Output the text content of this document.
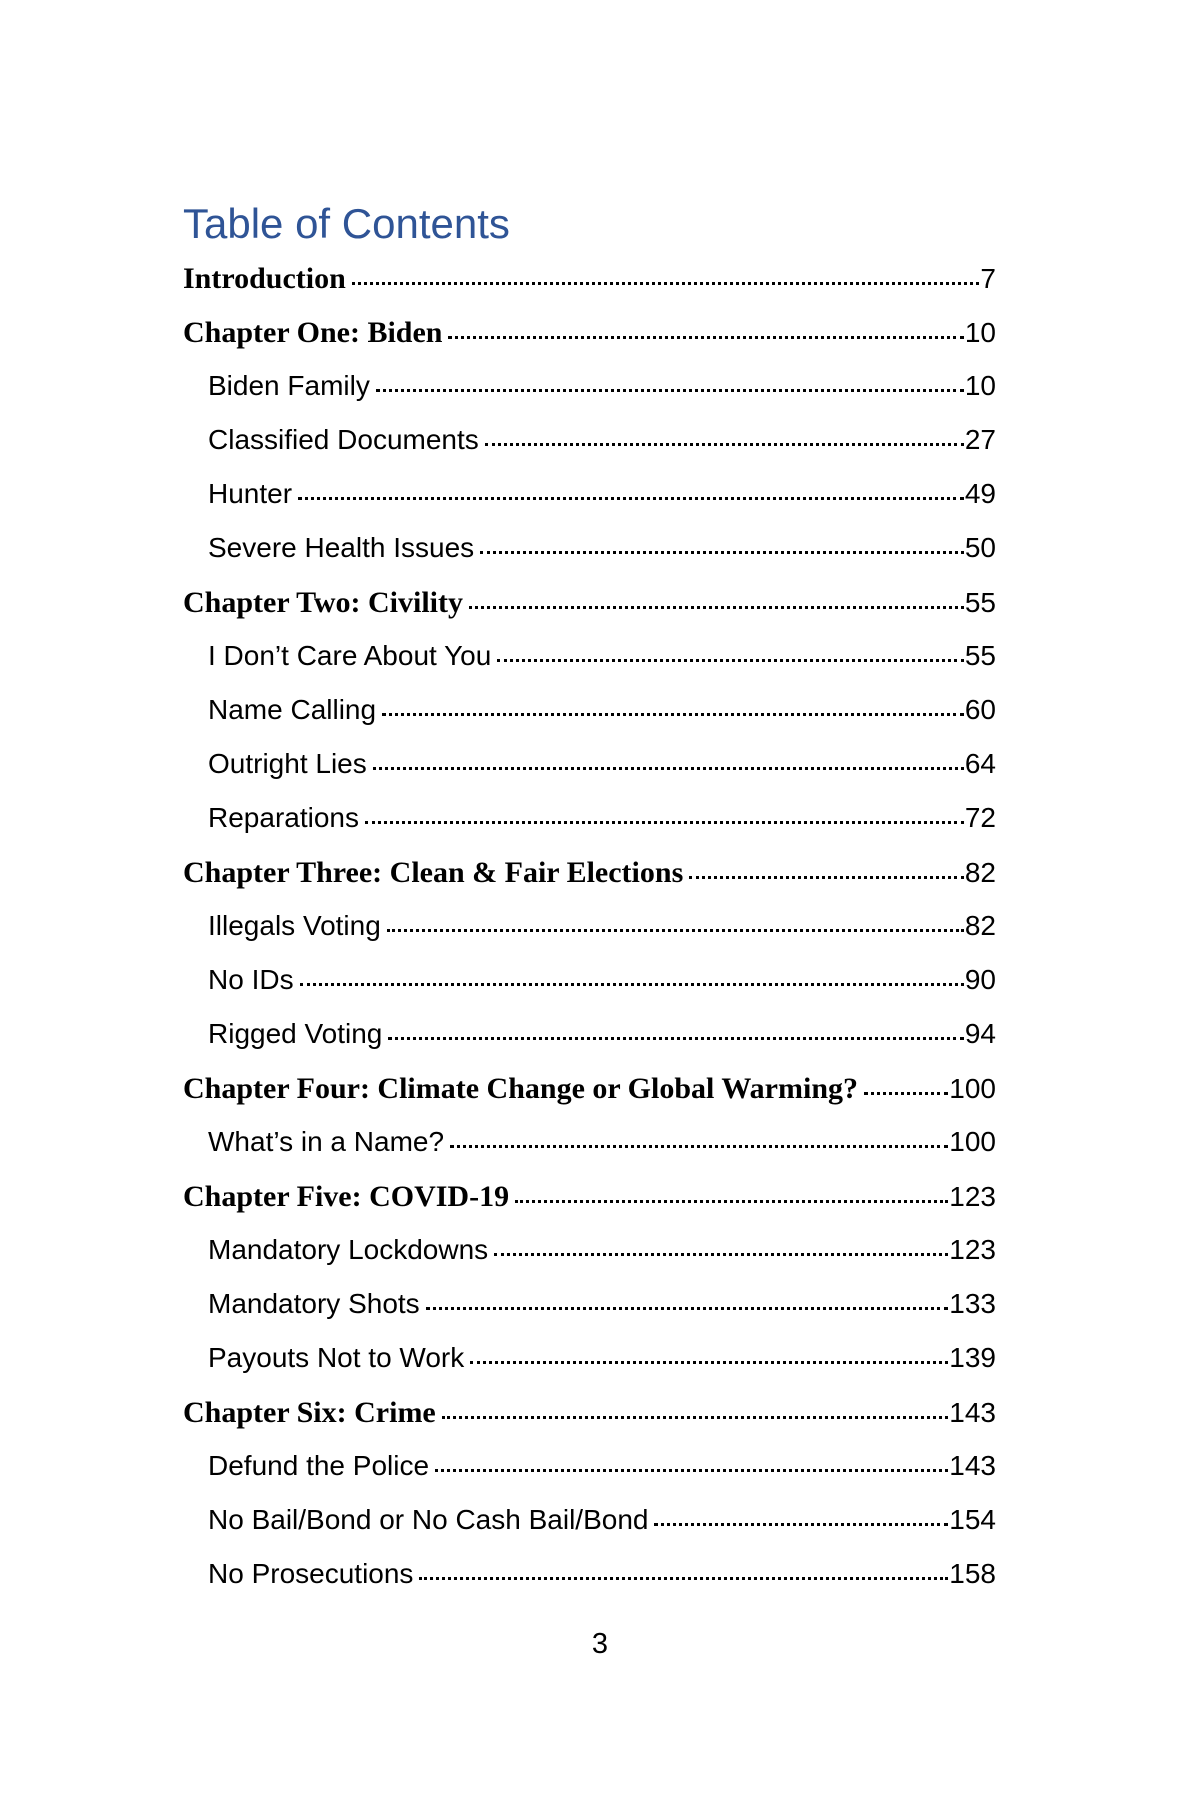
Table of Contents
Introduction	7
Chapter One: Biden	10
Biden Family	10
Classified Documents	27
Hunter	49
Severe Health Issues	50
Chapter Two: Civility	55
I Don’t Care About You	55
Name Calling	60
Outright Lies	64
Reparations	72
Chapter Three: Clean & Fair Elections	82
Illegals Voting	82
No IDs	90
Rigged Voting	94
Chapter Four: Climate Change or Global Warming?	100
What’s in a Name?	100
Chapter Five: COVID-19	123
Mandatory Lockdowns	123
Mandatory Shots	133
Payouts Not to Work	139
Chapter Six: Crime	143
Defund the Police	143
No Bail/Bond or No Cash Bail/Bond	154
No Prosecutions	158
3
